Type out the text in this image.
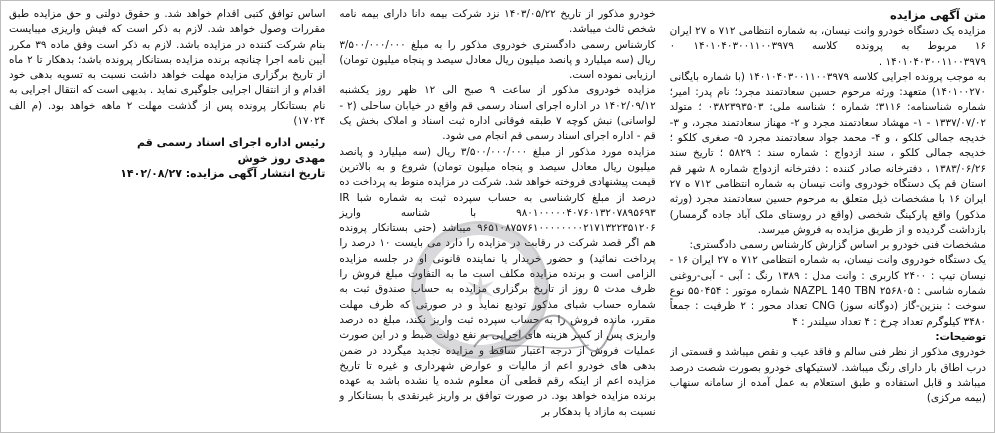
متن آگهی مزایده

مزایده یک دستگاه خودرو وانت نیسان، به شماره انتظامی ۷۱۲ ه ۲۷ ایران ۱۶ مربوط به پرونده کلاسه ۱۴۰۱۰۴۰۳۰۰۱۱۰۰۳۹۷۹ ۰ ۱۴۰۱۰۴۰۳۰۰۱۱۰۰۳۹۷۹ .

به موجب پرونده اجرایی کلاسه ۱۴۰۱۰۴۰۳۰۰۱۱۰۰۳۹۷۹ (با شماره بایگانی ۱۴۰۱۰۰۲۷۰) متعهد: ورثه مرحوم حسین سعادتمند مجرد؛ نام پدر: امیر؛ شماره شناسنامه: ۳۱۱۶؛ شماره ؛ شناسه ملی: ۰۳۸۲۳۹۳۵۰۳ ؛ متولد ۱۳۳۷/۰۷/۰۲ - ۱- مهشاد سعادتمند مجرد و ۲- مهناز سعادتمند مجرد، و ۳- خدیجه جمالی کلکو ، و ۴- محمد جواد سعادتمند مجرد ۵- صغری کلکو ؛ خدیجه جمالی کلکو ، سند ازدواج : شماره سند : ۵۸۲۹ ؛ تاریخ سند ۱۳۸۳/۰۶/۲۶ ، دفترخانه صادر کننده : دفترخانه ازدواج شماره ۸ شهر قم استان قم یک دستگاه خودروی وانت نیسان به شماره انتظامی ۷۱۲ ه ۲۷ ایران ۱۶ با مشخصات ذیل متعلق به مرحوم حسین سعادتمند مجرد (ورثه مذکور) واقع پارکینگ شخصی (واقع در روستای ملک آباد جاده گرمسار) بازداشت گردیده و از طریق مزایده به فروش میرسد.

مشخصات فنی خودرو بر اساس گزارش کارشناس رسمی دادگستری:

یک دستگاه خودروی وانت نیسان، به شماره انتظامی ۷۱۲ ه ۲۷ ایران ۱۶ - نیسان تیپ : ۲۴۰۰ کاربری : وانت مدل : ۱۳۸۹ رنگ : آبی - آبی-روغنی شماره شاسی : NAZPL 140 TBN ۲۵۶۸۰۵ شماره موتور : ۵۵۰۴۵۴ نوع سوخت : بنزین-گاز (دوگانه سوز) CNG تعداد محور : ۲ ظرفیت : جمعاً ۳۴۸۰ کیلوگرم تعداد چرخ : ۴ تعداد سیلندر : ۴

توضیحات:

خودروی مذکور از نظر فنی سالم و فاقد عیب و نقص میباشد و قسمتی از درب اطاق بار دارای رنگ میباشد. لاستیکهای خودرو بصورت شصت درصد میباشد و قابل استفاده و طبق استعلام به عمل آمده از سامانه سنهاب (بیمه مرکزی)

خودرو مذکور از تاریخ ۱۴۰۳/۰۵/۲۲ نزد شرکت بیمه دانا دارای بیمه نامه شخص ثالث میباشد.

کارشناس رسمی دادگستری خودروی مذکور را به مبلغ ۳/۵۰۰/۰۰۰/۰۰۰ ریال (سه میلیارد و پانصد میلیون ریال معادل سیصد و پنجاه میلیون تومان) ارزیابی نموده است.

مزایده خودروی مذکور از ساعت ۹ صبح الی ۱۲ ظهر روز یکشنبه ۱۴۰۲/۰۹/۱۲ در اداره اجرای اسناد رسمی قم واقع در خیابان ساحلی (۲ - لواسانی) نبش کوچه ۷ طبقه فوقانی اداره ثبت اسناد و املاک بخش یک قم - اداره اجرای اسناد رسمی قم انجام می شود.

مزایده مورد مذکور از مبلغ ۳/۵۰۰/۰۰۰/۰۰۰ ریال (سه میلیارد و پانصد میلیون ریال معادل سیصد و پنجاه میلیون تومان) شروع و به بالاترین قیمت پیشنهادی فروخته خواهد شد. شرکت در مزایده منوط به پرداخت ده درصد از مبلغ کارشناسی به حساب سپرده ثبت به شماره شبا IR ۹۸۰۱۰۰۰۰۰۴۰۷۶۰۱۳۲۰۷۸۹۵۶۹۳ با شناسه واریز ۹۶۵۱۰۸۷۵۷۶۱۰۰۰۰۰۰۰۰۲۱۷۱۳۲۲۳۵۱۲۰۶ میباشد (حتی بستانکار پرونده هم اگر قصد شرکت در رقابت در مزایده را دارد می بایست ۱۰ درصد را پرداخت نمائید) و حضور خریدار یا نماینده قانونی او در جلسه مزایده الزامی است و برنده مزایده مکلف است ما به التفاوت مبلغ فروش را ظرف مدت ۵ روز از تاریخ برگزاری مزایده به حساب صندوق ثبت به شماره حساب شبای مذکور تودیع نماید و در صورتی که ظرف مهلت مقرر، مانده فروش را به حساب سپرده ثبت واریز نکند، مبلغ ده درصد واریزی پس از کسر هزینه های اجرایی به نفع دولت ضبط و در این صورت عملیات فروش از درجه اعتبار ساقط و مزایده تجدید میگردد در ضمن بدهی های خودرو اعم از مالیات و عوارض شهرداری و غیره تا تاریخ مزایده اعم از اینکه رقم قطعی آن معلوم شده یا نشده باشد به عهده برنده مزایده خواهد بود. در صورت توافق بر واریز غیرنقدی با بستانکار و نسبت به مازاد یا بدهکار بر

✶

اساس توافق کتبی اقدام خواهد شد. و حقوق دولتی و حق مزایده طبق مقررات وصول خواهد شد. لازم به ذکر است که فیش واریزی میبایست بنام شرکت کننده در مزایده باشد. لازم به ذکر است وفق ماده ۳۹ مکرر آیین نامه اجرا چنانچه برنده مزایده بستانکار پرونده باشد؛ بدهکار تا ۲ ماه از تاریخ برگزاری مزایده مهلت خواهد داشت نسبت به تسویه بدهی خود اقدام و از انتقال اجرایی جلوگیری نماید . بدیهی است که انتقال اجرایی به نام بستانکار پرونده پس از گذشت مهلت ۲ ماهه خواهد بود. (م الف ۱۷۰۲۴)

رئیس اداره اجرای اسناد رسمی قم

مهدی روز خوش

تاریخ انتشار آگهی مزایده: ۱۴۰۲/۰۸/۲۷
